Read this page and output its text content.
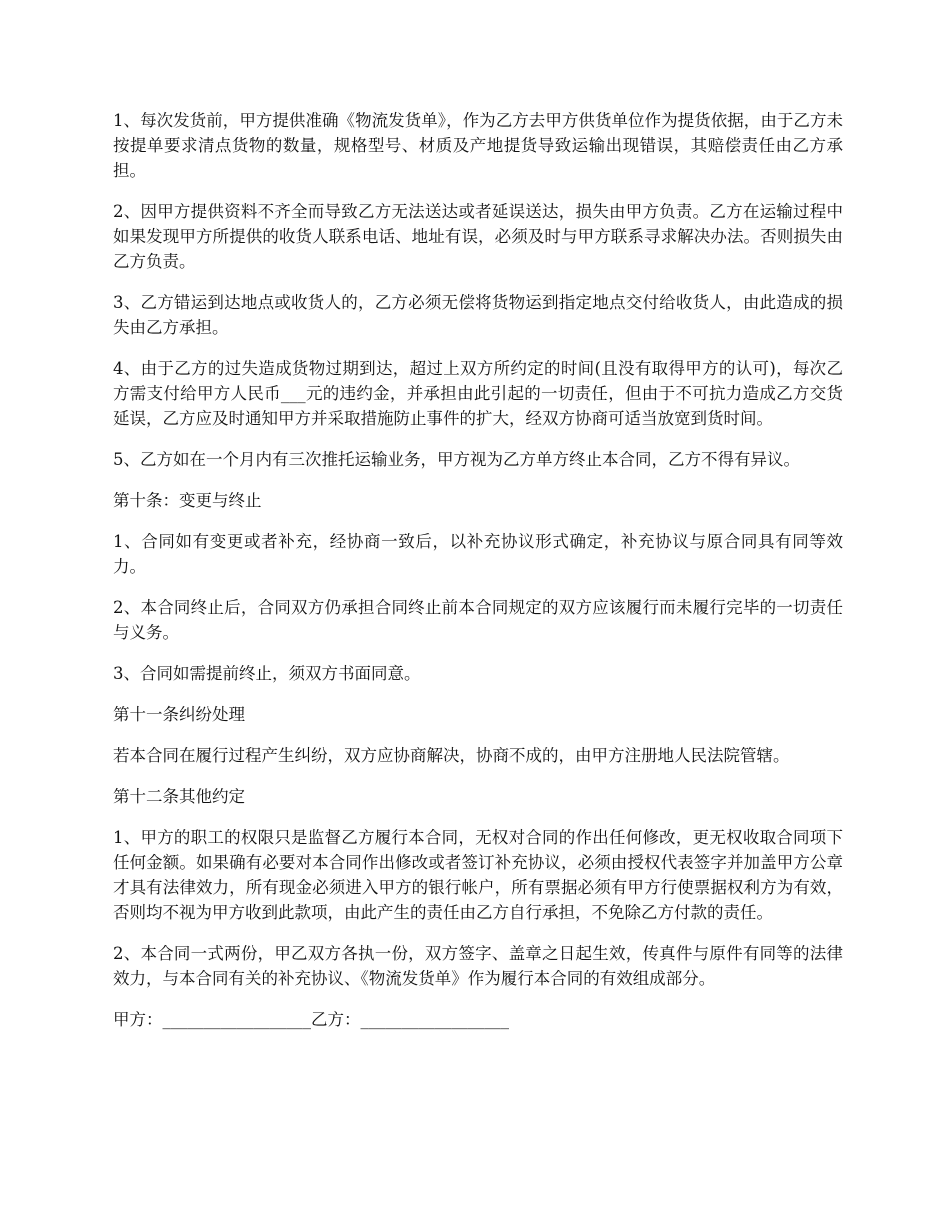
1、每次发货前，甲方提供准确《物流发货单》，作为乙方去甲方供货单位作为提货依据，由于乙方未按提单要求清点货物的数量，规格型号、材质及产地提货导致运输出现错误，其赔偿责任由乙方承担。

2、因甲方提供资料不齐全而导致乙方无法送达或者延误送达，损失由甲方负责。乙方在运输过程中如果发现甲方所提供的收货人联系电话、地址有误，必须及时与甲方联系寻求解决办法。否则损失由乙方负责。

3、乙方错运到达地点或收货人的，乙方必须无偿将货物运到指定地点交付给收货人，由此造成的损失由乙方承担。

4、由于乙方的过失造成货物过期到达，超过上双方所约定的时间(且没有取得甲方的认可)，每次乙方需支付给甲方人民币___元的违约金，并承担由此引起的一切责任，但由于不可抗力造成乙方交货延误，乙方应及时通知甲方并采取措施防止事件的扩大，经双方协商可适当放宽到货时间。

5、乙方如在一个月内有三次推托运输业务，甲方视为乙方单方终止本合同，乙方不得有异议。

第十条：变更与终止

1、合同如有变更或者补充，经协商一致后，以补充协议形式确定，补充协议与原合同具有同等效力。

2、本合同终止后，合同双方仍承担合同终止前本合同规定的双方应该履行而未履行完毕的一切责任与义务。

3、合同如需提前终止，须双方书面同意。

第十一条纠纷处理

若本合同在履行过程产生纠纷，双方应协商解决，协商不成的，由甲方注册地人民法院管辖。

第十二条其他约定

1、甲方的职工的权限只是监督乙方履行本合同，无权对合同的作出任何修改，更无权收取合同项下任何金额。如果确有必要对本合同作出修改或者签订补充协议，必须由授权代表签字并加盖甲方公章才具有法律效力，所有现金必须进入甲方的银行帐户，所有票据必须有甲方行使票据权利方为有效，否则均不视为甲方收到此款项，由此产生的责任由乙方自行承担，不免除乙方付款的责任。

2、本合同一式两份，甲乙双方各执一份，双方签字、盖章之日起生效，传真件与原件有同等的法律效力，与本合同有关的补充协议、《物流发货单》作为履行本合同的有效组成部分。

甲方：__________________乙方：__________________
